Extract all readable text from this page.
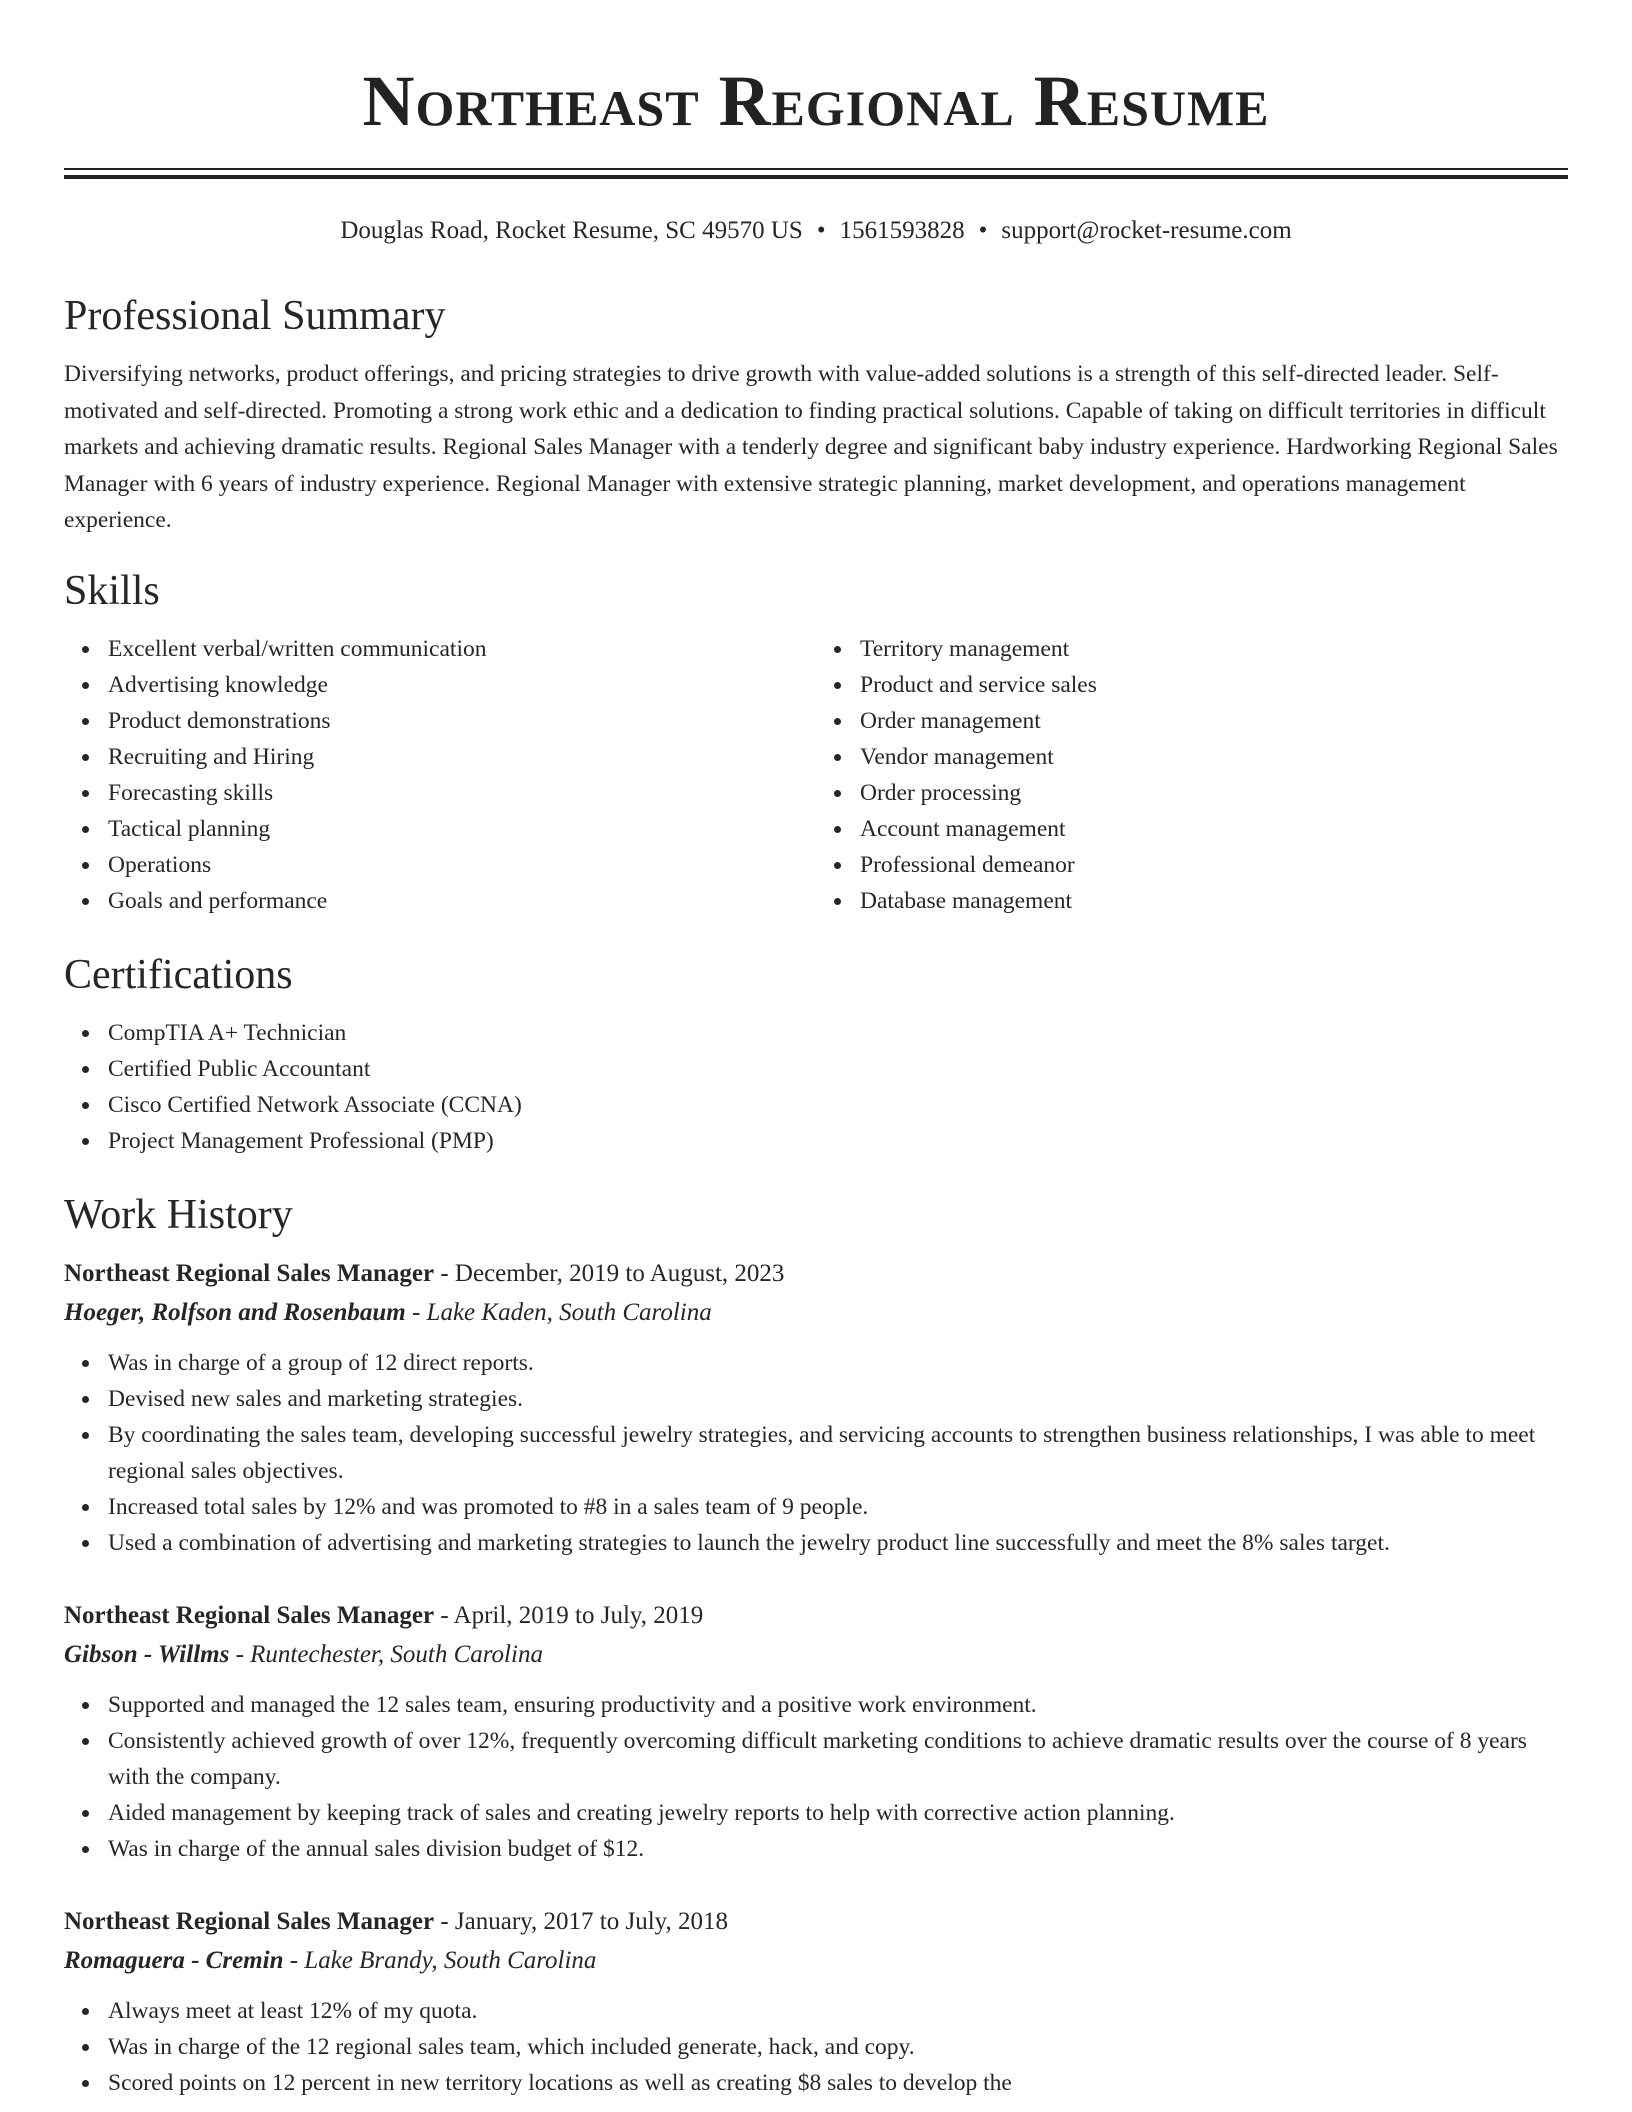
Northeast Regional Resume
Douglas Road, Rocket Resume, SC 49570 US • 1561593828 • support@rocket-resume.com
Professional Summary

Diversifying networks, product offerings, and pricing strategies to drive growth with value-added solutions is a strength of this self-directed leader. Self-motivated and self-directed. Promoting a strong work ethic and a dedication to finding practical solutions. Capable of taking on difficult territories in difficult markets and achieving dramatic results. Regional Sales Manager with a tenderly degree and significant baby industry experience. Hardworking Regional Sales Manager with 6 years of industry experience. Regional Manager with extensive strategic planning, market development, and operations management experience.

Skills
Excellent verbal/written communication
Advertising knowledge
Product demonstrations
Recruiting and Hiring
Forecasting skills
Tactical planning
Operations
Goals and performance
Territory management
Product and service sales
Order management
Vendor management
Order processing
Account management
Professional demeanor
Database management
Certifications
CompTIA A+ Technician
Certified Public Accountant
Cisco Certified Network Associate (CCNA)
Project Management Professional (PMP)
Work History
Northeast Regional Sales Manager - December, 2019 to August, 2023
Hoeger, Rolfson and Rosenbaum - Lake Kaden, South Carolina
Was in charge of a group of 12 direct reports.
Devised new sales and marketing strategies.
By coordinating the sales team, developing successful jewelry strategies, and servicing accounts to strengthen business relationships, I was able to meet regional sales objectives.
Increased total sales by 12% and was promoted to #8 in a sales team of 9 people.
Used a combination of advertising and marketing strategies to launch the jewelry product line successfully and meet the 8% sales target.
Northeast Regional Sales Manager - April, 2019 to July, 2019
Gibson - Willms - Runtechester, South Carolina
Supported and managed the 12 sales team, ensuring productivity and a positive work environment.
Consistently achieved growth of over 12%, frequently overcoming difficult marketing conditions to achieve dramatic results over the course of 8 years with the company.
Aided management by keeping track of sales and creating jewelry reports to help with corrective action planning.
Was in charge of the annual sales division budget of $12.
Northeast Regional Sales Manager - January, 2017 to July, 2018
Romaguera - Cremin - Lake Brandy, South Carolina
Always meet at least 12% of my quota.
Was in charge of the 12 regional sales team, which included generate, hack, and copy.
Scored points on 12 percent in new territory locations as well as creating $8 sales to develop the
